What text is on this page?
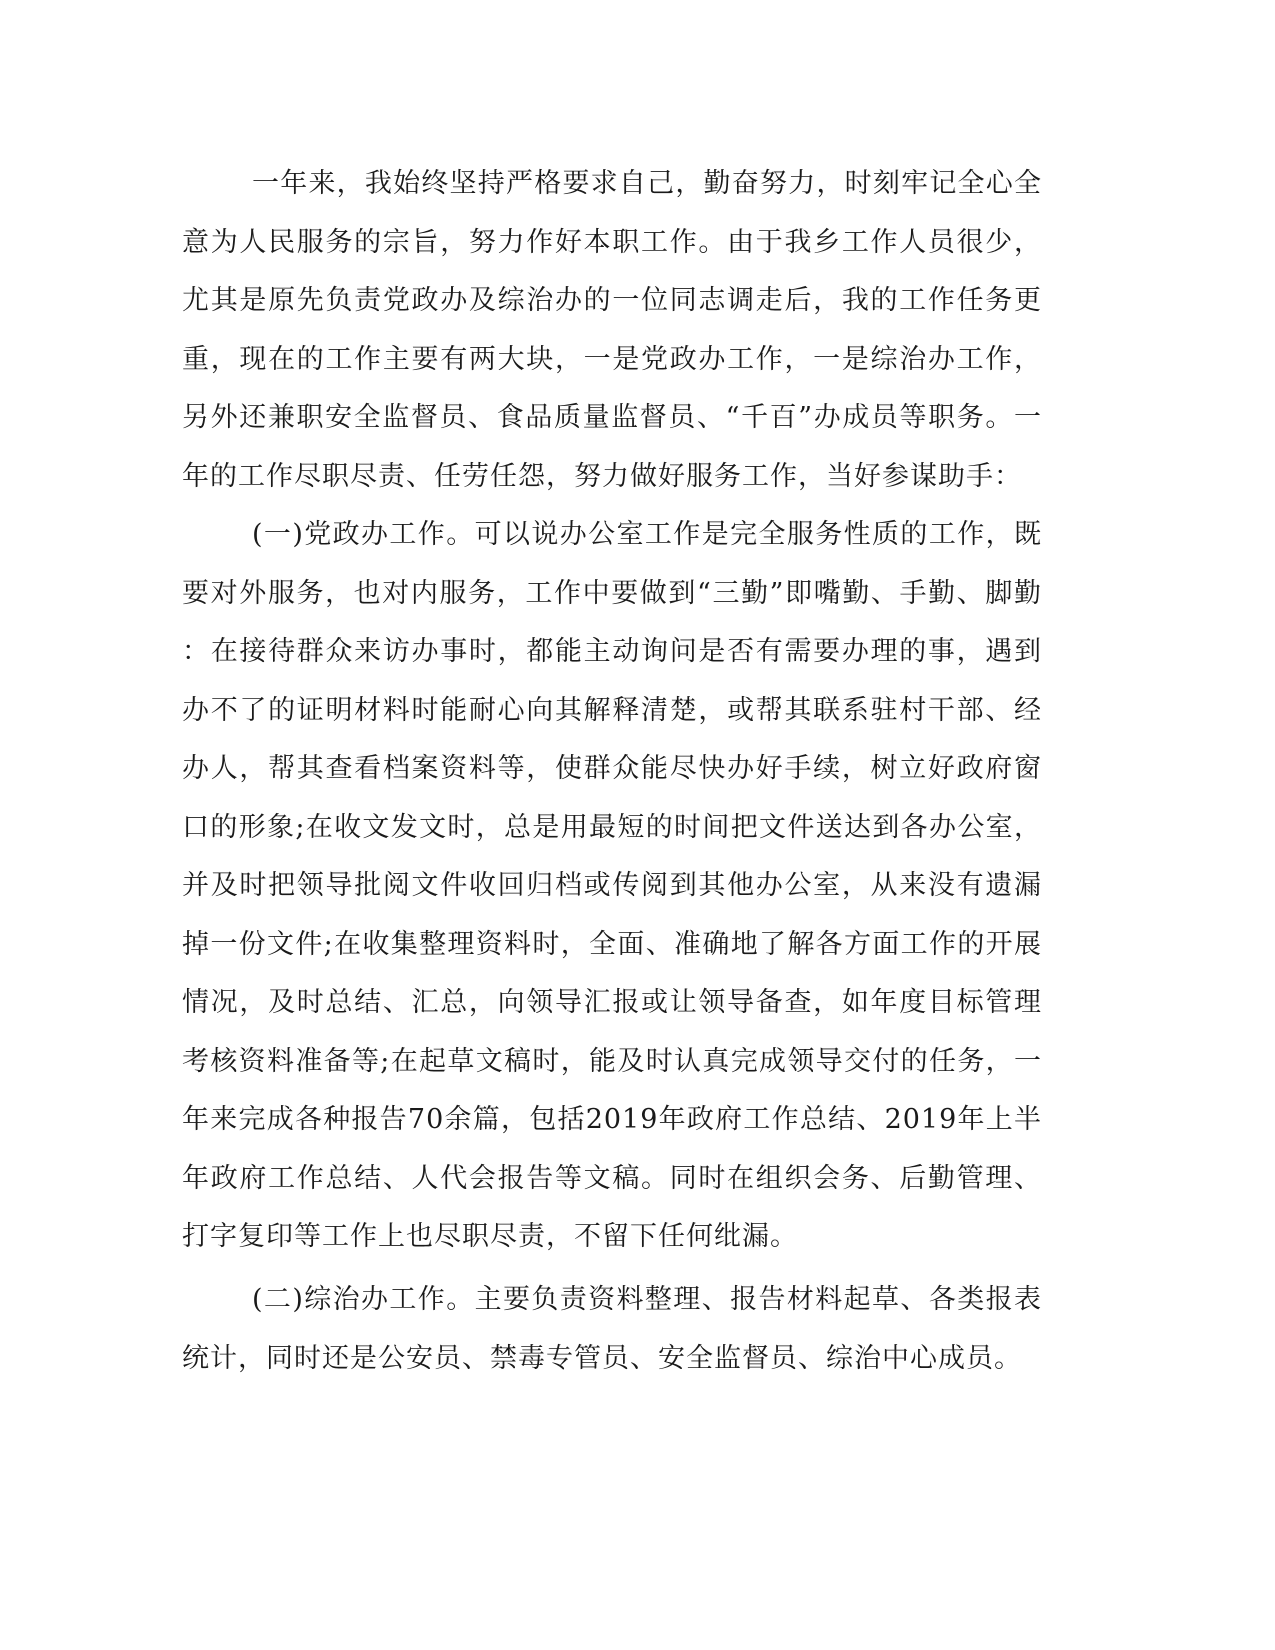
一年来，我始终坚持严格要求自己，勤奋努力，时刻牢记全心全
意为人民服务的宗旨，努力作好本职工作。由于我乡工作人员很少，
尤其是原先负责党政办及综治办的一位同志调走后，我的工作任务更
重，现在的工作主要有两大块，一是党政办工作，一是综治办工作，
另外还兼职安全监督员、食品质量监督员、“千百”办成员等职务。一
年的工作尽职尽责、任劳任怨，努力做好服务工作，当好参谋助手：
(一)党政办工作。可以说办公室工作是完全服务性质的工作，既
要对外服务，也对内服务，工作中要做到“三勤”即嘴勤、手勤、脚勤
：在接待群众来访办事时，都能主动询问是否有需要办理的事，遇到
办不了的证明材料时能耐心向其解释清楚，或帮其联系驻村干部、经
办人，帮其查看档案资料等，使群众能尽快办好手续，树立好政府窗
口的形象;在收文发文时，总是用最短的时间把文件送达到各办公室，
并及时把领导批阅文件收回归档或传阅到其他办公室，从来没有遗漏
掉一份文件;在收集整理资料时，全面、准确地了解各方面工作的开展
情况，及时总结、汇总，向领导汇报或让领导备查，如年度目标管理
考核资料准备等;在起草文稿时，能及时认真完成领导交付的任务，一
年来完成各种报告70余篇，包括2019年政府工作总结、2019年上半
年政府工作总结、人代会报告等文稿。同时在组织会务、后勤管理、
打字复印等工作上也尽职尽责，不留下任何纰漏。
(二)综治办工作。主要负责资料整理、报告材料起草、各类报表
统计，同时还是公安员、禁毒专管员、安全监督员、综治中心成员。
